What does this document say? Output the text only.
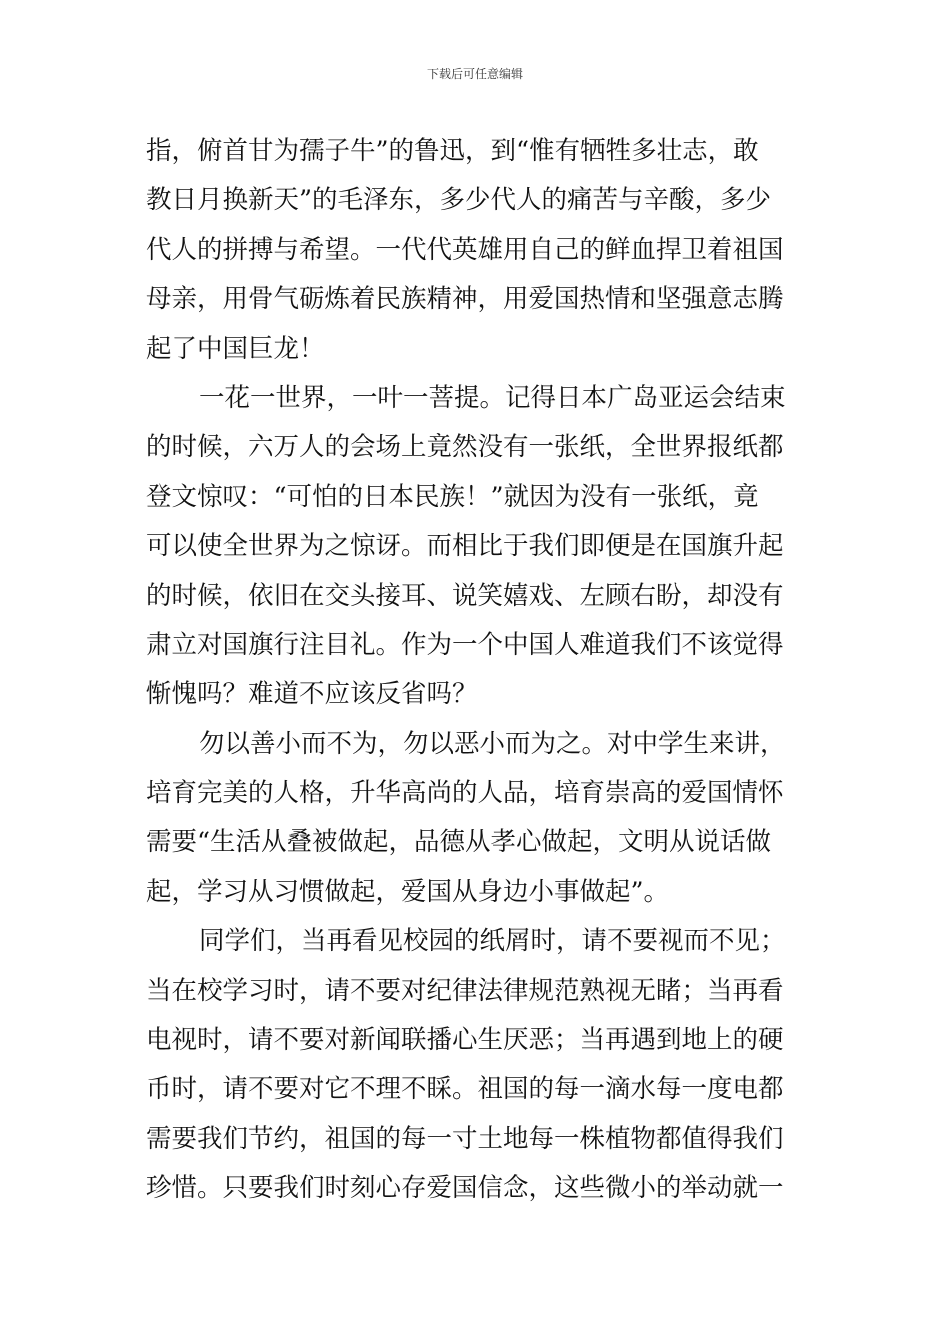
下载后可任意编辑
指，俯首甘为孺子牛”的鲁迅，到“惟有牺牲多壮志，敢
教日月换新天”的毛泽东，多少代人的痛苦与辛酸，多少
代人的拼搏与希望。一代代英雄用自己的鲜血捍卫着祖国
母亲，用骨气砺炼着民族精神，用爱国热情和坚强意志腾
起了中国巨龙！
一花一世界，一叶一菩提。记得日本广岛亚运会结束
的时候，六万人的会场上竟然没有一张纸，全世界报纸都
登文惊叹：“可怕的日本民族！”就因为没有一张纸，竟
可以使全世界为之惊讶。而相比于我们即便是在国旗升起
的时候，依旧在交头接耳、说笑嬉戏、左顾右盼，却没有
肃立对国旗行注目礼。作为一个中国人难道我们不该觉得
惭愧吗？难道不应该反省吗？
勿以善小而不为，勿以恶小而为之。对中学生来讲，
培育完美的人格，升华高尚的人品，培育崇高的爱国情怀
需要“生活从叠被做起，品德从孝心做起，文明从说话做
起，学习从习惯做起，爱国从身边小事做起”。
同学们，当再看见校园的纸屑时，请不要视而不见；
当在校学习时，请不要对纪律法律规范熟视无睹；当再看
电视时，请不要对新闻联播心生厌恶；当再遇到地上的硬
币时，请不要对它不理不睬。祖国的每一滴水每一度电都
需要我们节约，祖国的每一寸土地每一株植物都值得我们
珍惜。只要我们时刻心存爱国信念，这些微小的举动就一
